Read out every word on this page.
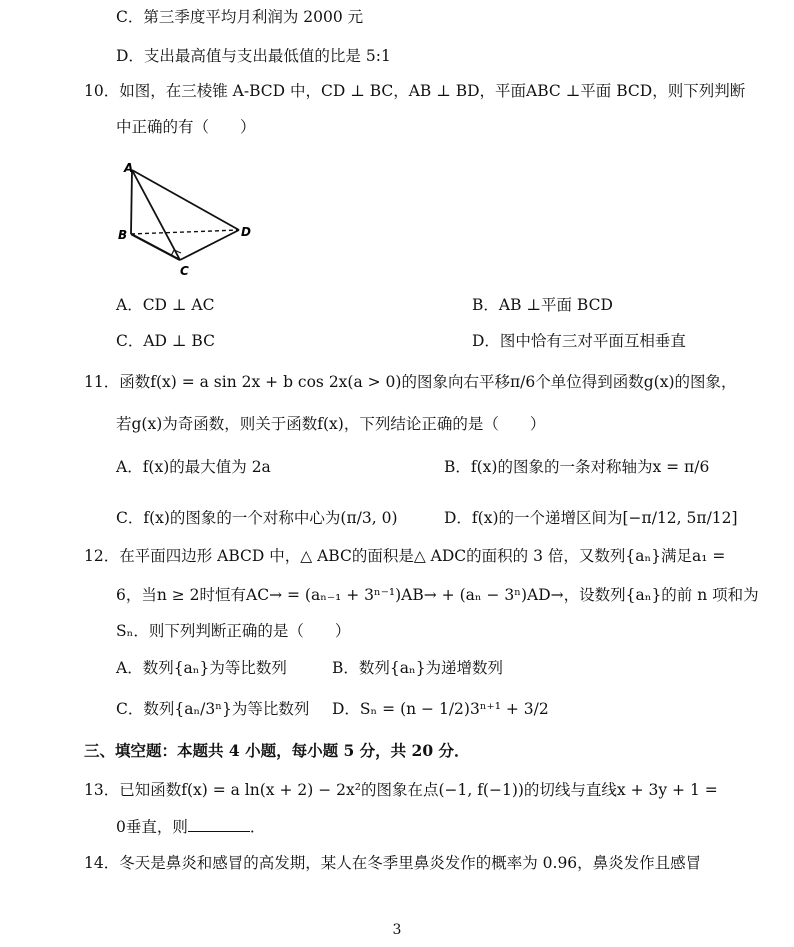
C．第三季度平均月利润为 2000 元
D．支出最高值与支出最低值的比是 5:1
10．如图，在三棱锥 A-BCD 中，CD ⊥ BC，AB ⊥ BD，平面ABC ⊥平面 BCD，则下列判断
中正确的有（　　）
A
B
C
D
A．CD ⊥ AC	B．AB ⊥平面 BCD
C．AD ⊥ BC	D．图中恰有三对平面互相垂直
11．函数f(x) = a sin 2x + b cos 2x(a > 0)的图象向右平移π/6个单位得到函数g(x)的图象，
若g(x)为奇函数，则关于函数f(x)，下列结论正确的是（　　）
A．f(x)的最大值为 2a	B．f(x)的图象的一条对称轴为x = π/6
C．f(x)的图象的一个对称中心为(π/3, 0)	D．f(x)的一个递增区间为[−π/12, 5π/12]
12．在平面四边形 ABCD 中，△ ABC的面积是△ ADC的面积的 3 倍，又数列{aₙ}满足a₁ =
6，当n ≥ 2时恒有AC→ = (aₙ₋₁ + 3ⁿ⁻¹)AB→ + (aₙ − 3ⁿ)AD→，设数列{aₙ}的前 n 项和为
Sₙ．则下列判断正确的是（　　）
A．数列{aₙ}为等比数列	B．数列{aₙ}为递增数列
C．数列{aₙ/3ⁿ}为等比数列 D．Sₙ = (n − 1/2)3ⁿ⁺¹ + 3/2
三、填空题：本题共 4 小题，每小题 5 分，共 20 分．
13．已知函数f(x) = a ln(x + 2) − 2x²的图象在点(−1, f(−1))的切线与直线x + 3y + 1 =
0垂直，则	．
14．冬天是鼻炎和感冒的高发期，某人在冬季里鼻炎发作的概率为 0.96，鼻炎发作且感冒
3
